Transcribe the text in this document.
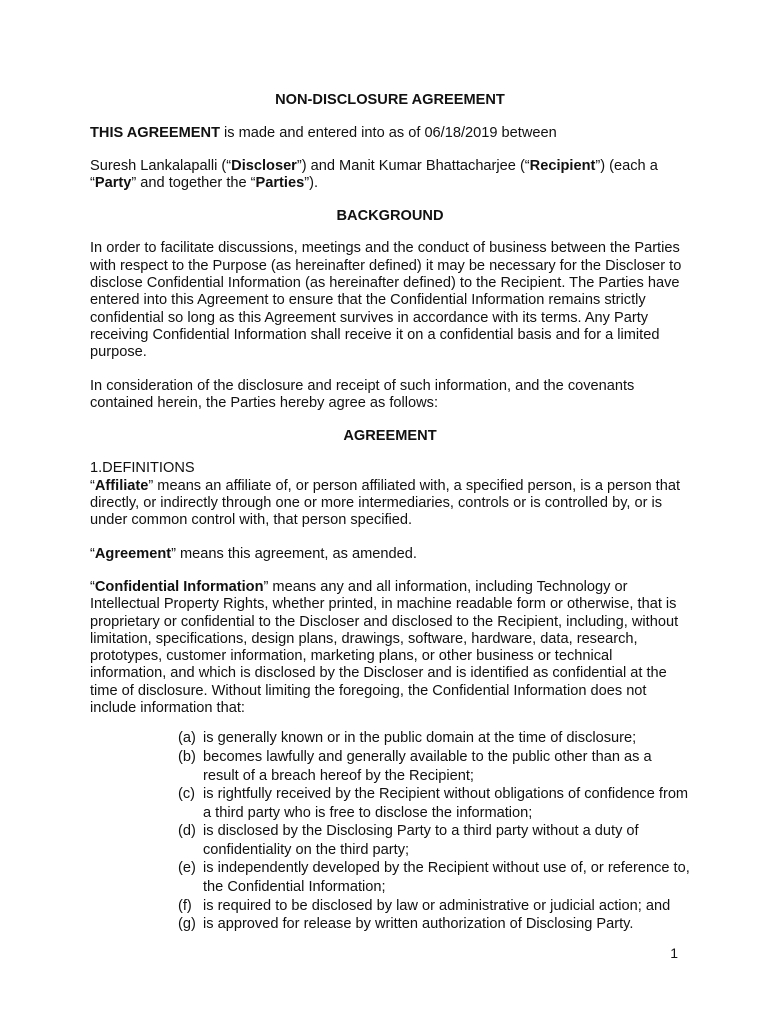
NON-DISCLOSURE AGREEMENT

THIS AGREEMENT is made and entered into as of 06/18/2019 between

Suresh Lankalapalli (“Discloser”) and Manit Kumar Bhattacharjee (“Recipient”) (each a “Party” and together the “Parties”).

BACKGROUND

In order to facilitate discussions, meetings and the conduct of business between the Parties with respect to the Purpose (as hereinafter defined) it may be necessary for the Discloser to disclose Confidential Information (as hereinafter defined) to the Recipient. The Parties have entered into this Agreement to ensure that the Confidential Information remains strictly confidential so long as this Agreement survives in accordance with its terms. Any Party receiving Confidential Information shall receive it on a confidential basis and for a limited purpose.

In consideration of the disclosure and receipt of such information, and the covenants contained herein, the Parties hereby agree as follows:

AGREEMENT

1.DEFINITIONS

“Affiliate” means an affiliate of, or person affiliated with, a specified person, is a person that directly, or indirectly through one or more intermediaries, controls or is controlled by, or is under common control with, that person specified.

“Agreement” means this agreement, as amended.

“Confidential Information” means any and all information, including Technology or Intellectual Property Rights, whether printed, in machine readable form or otherwise, that is proprietary or confidential to the Discloser and disclosed to the Recipient, including, without limitation, specifications, design plans, drawings, software, hardware, data, research, prototypes, customer information, marketing plans, or other business or technical information, and which is disclosed by the Discloser and is identified as confidential at the time of disclosure. Without limiting the foregoing, the Confidential Information does not include information that:

(a) is generally known or in the public domain at the time of disclosure;
(b) becomes lawfully and generally available to the public other than as a result of a breach hereof by the Recipient;
(c) is rightfully received by the Recipient without obligations of confidence from a third party who is free to disclose the information;
(d) is disclosed by the Disclosing Party to a third party without a duty of confidentiality on the third party;
(e) is independently developed by the Recipient without use of, or reference to, the Confidential Information;
(f) is required to be disclosed by law or administrative or judicial action; and
(g) is approved for release by written authorization of Disclosing Party.
1
